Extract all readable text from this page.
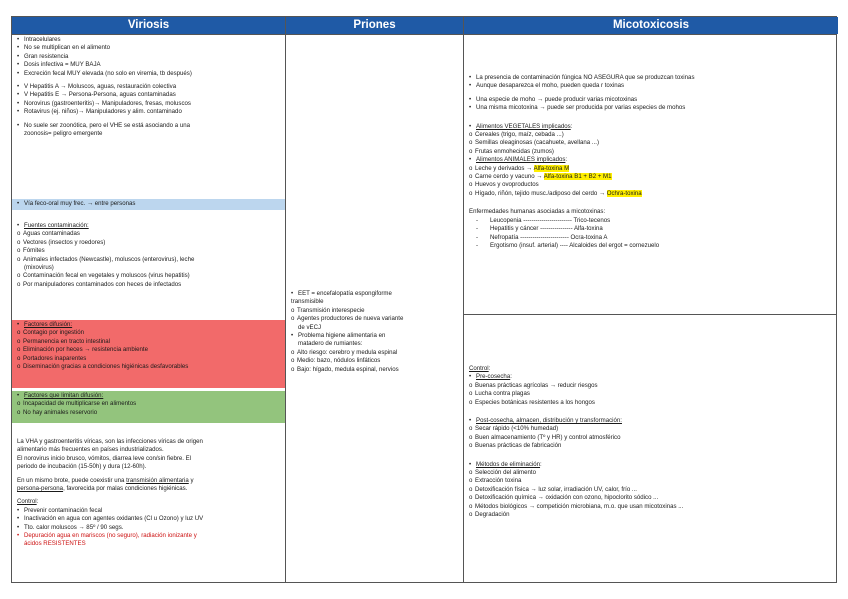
Viriosis	Priones	Micotoxicosis
• Intracelulares
• No se multiplican en el alimento
• Gran resistencia
• Dosis infectiva = MUY BAJA
• Excreción fecal MUY elevada (no solo en viremia, tb después)
• V Hepatitis A → Moluscos, aguas, restauración colectiva
• V Hepatitis E → Persona-Persona, aguas contaminadas
• Norovirus (gastroenteritis)→ Manipuladores, fresas, moluscos
• Rotavirus (ej. niños)→ Manipuladores y alim. contaminado
• No suele ser zoonótica, pero el VHE se está asociando a una
zoonosis= peligro emergente
• Vía feco-oral muy frec. → entre personas
• Fuentes contaminación:
o Aguas contaminadas
o Vectores (insectos y roedores)
o Fómites
o Animales infectados (Newcastle), moluscos (enterovirus), leche
(mixovirus)
o Contaminación fecal en vegetales y moluscos (virus hepatitis)
o Por manipuladores contaminados con heces de infectados
• Factores difusión:
o Contagio por ingestión
o Permanencia en tracto intestinal
o Eliminación por heces → resistencia ambiente
o Portadores inaparentes
o Diseminación gracias a condiciones higiénicas desfavorables
• Factores que limitan difusión:
o Incapacidad de multiplicarse en alimentos
o No hay animales reservorio
La VHA y gastroenteritis víricas, son las infecciones víricas de origen
alimentario más frecuentes en países industrializados.
El norovirus inicio brusco, vómitos, diarrea leve con/sin fiebre. El
periodo de incubación (15-50h) y dura (12-60h).
En un mismo brote, puede coexistir una transmisión alimentaria y
persona-persona, favorecida por malas condiciones higiénicas.
Control:
• Prevenir contaminación fecal
• Inactivación en agua con agentes oxidantes (Cl u Ozono) y luz UV
• Tto. calor moluscos → 85º / 90 segs.
• Depuración agua en mariscos (no seguro), radiación ionizante y
ácidos RESISTENTES
• EET = encefalopatía espongiforme
transmisible
o Transmisión interespecie
o Agentes productores de nueva variante
de vECJ
• Problema higiene alimentaria en
matadero de rumiantes:
o Alto riesgo: cerebro y medula espinal
o Medio: bazo, nódulos linfáticos
o Bajo: hígado, medula espinal, nervios
• La presencia de contaminación fúngica NO ASEGURA que se produzcan toxinas
• Aunque desaparezca el moho, pueden queda r toxinas
• Una especie de moho → puede producir varias micotoxinas
• Una misma micotoxina → puede ser producida por varias especies de mohos
• Alimentos VEGETALES implicados:
o Cereales (trigo, maíz, cebada ...)
o Semillas oleaginosas (cacahuete, avellana ...)
o Frutas enmohecidas (zumos)
• Alimentos ANIMALES implicados:
o Leche y derivados → Alfa-toxina M
o Carne cerdo y vacuno → Alfa-toxina B1 + B2 + M1
o Huevos y ovoproductos
o Hígado, riñón, tejido musc./adiposo del cerdo → Ochra-toxina
Enfermedades humanas asociadas a micotoxinas:
- Leucopenia ------------------------ Trico-tecenos
- Hepatitis y cáncer ---------------- Alfa-toxina
- Nefropatía ------------------------ Ocra-toxina A
- Ergotismo (insuf. arterial) ---- Alcaloides del ergot = cornezuelo
Control:
• Pre-cosecha:
o Buenas prácticas agrícolas → reducir riesgos
o Lucha contra plagas
o Especies botánicas resistentes a los hongos
• Post-cosecha, almacen, distribución y transformación:
o Secar rápido (<10% humedad)
o Buen almacenamiento (Tº y HR) y control atmosférico
o Buenas prácticas de fabricación
• Métodos de eliminación:
o Selección del alimento
o Extracción toxina
o Detoxificación física → luz solar, irradiación UV, calor, frío ...
o Detoxificación química → oxidación con ozono, hipoclorito sódico ...
o Métodos biológicos → competición microbiana, m.o. que usan micotoxinas ...
o Degradación
